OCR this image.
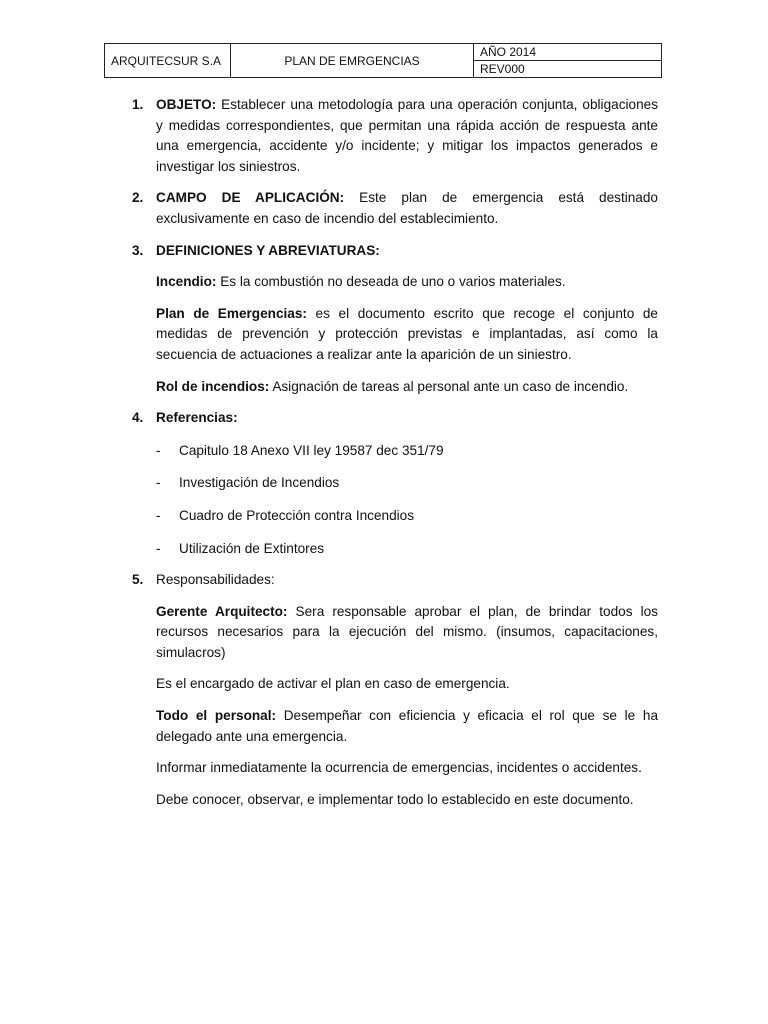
ARQUITECSUR S.A	PLAN DE EMRGENCIAS	AÑO 2014
REV000
1. OBJETO: Establecer una metodología para una operación conjunta, obligaciones y medidas correspondientes, que permitan una rápida acción de respuesta ante una emergencia, accidente y/o incidente; y mitigar los impactos generados e investigar los siniestros.
2. CAMPO DE APLICACIÓN: Este plan de emergencia está destinado exclusivamente en caso de incendio del establecimiento.
3. DEFINICIONES Y ABREVIATURAS:
Incendio: Es la combustión no deseada de uno o varios materiales.
Plan de Emergencias: es el documento escrito que recoge el conjunto de medidas de prevención y protección previstas e implantadas, así como la secuencia de actuaciones a realizar ante la aparición de un siniestro.
Rol de incendios: Asignación de tareas al personal ante un caso de incendio.
4. Referencias:
- Capitulo 18 Anexo VII ley 19587 dec 351/79
- Investigación de Incendios
- Cuadro de Protección contra Incendios
- Utilización de Extintores
5. Responsabilidades:
Gerente Arquitecto: Sera responsable aprobar el plan, de brindar todos los recursos necesarios para la ejecución del mismo. (insumos, capacitaciones, simulacros)
Es el encargado de activar el plan en caso de emergencia.
Todo el personal: Desempeñar con eficiencia y eficacia el rol que se le ha delegado ante una emergencia.
Informar inmediatamente la ocurrencia de emergencias, incidentes o accidentes.
Debe conocer, observar, e implementar todo lo establecido en este documento.
